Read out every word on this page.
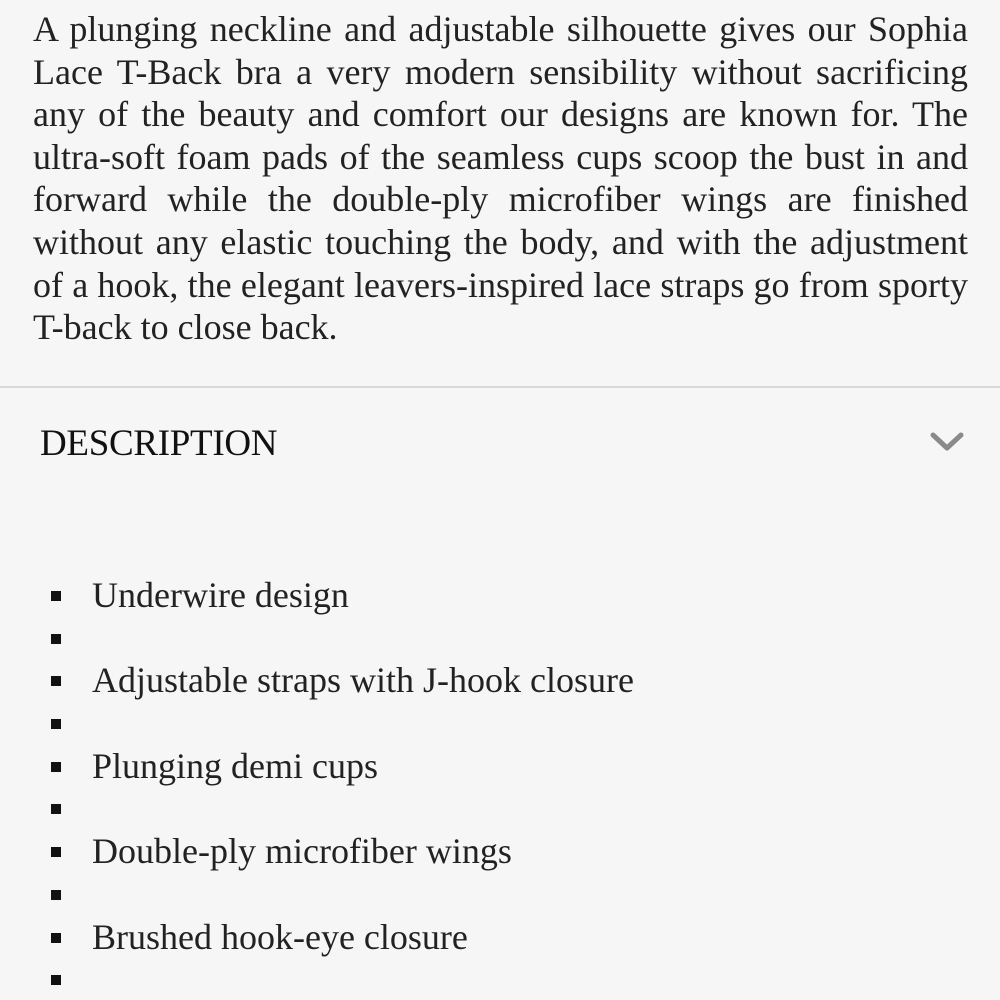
A plunging neckline and adjustable silhouette gives our Sophia Lace T-Back bra a very modern sensibility without sacrificing any of the beauty and comfort our designs are known for. The ultra-soft foam pads of the seamless cups scoop the bust in and forward while the double-ply microfiber wings are finished without any elastic touching the body, and with the adjustment of a hook, the elegant leavers-inspired lace straps go from sporty T-back to close back.

DESCRIPTION
Underwire design
Adjustable straps with J-hook closure
Plunging demi cups
Double-ply microfiber wings
Brushed hook-eye closure
